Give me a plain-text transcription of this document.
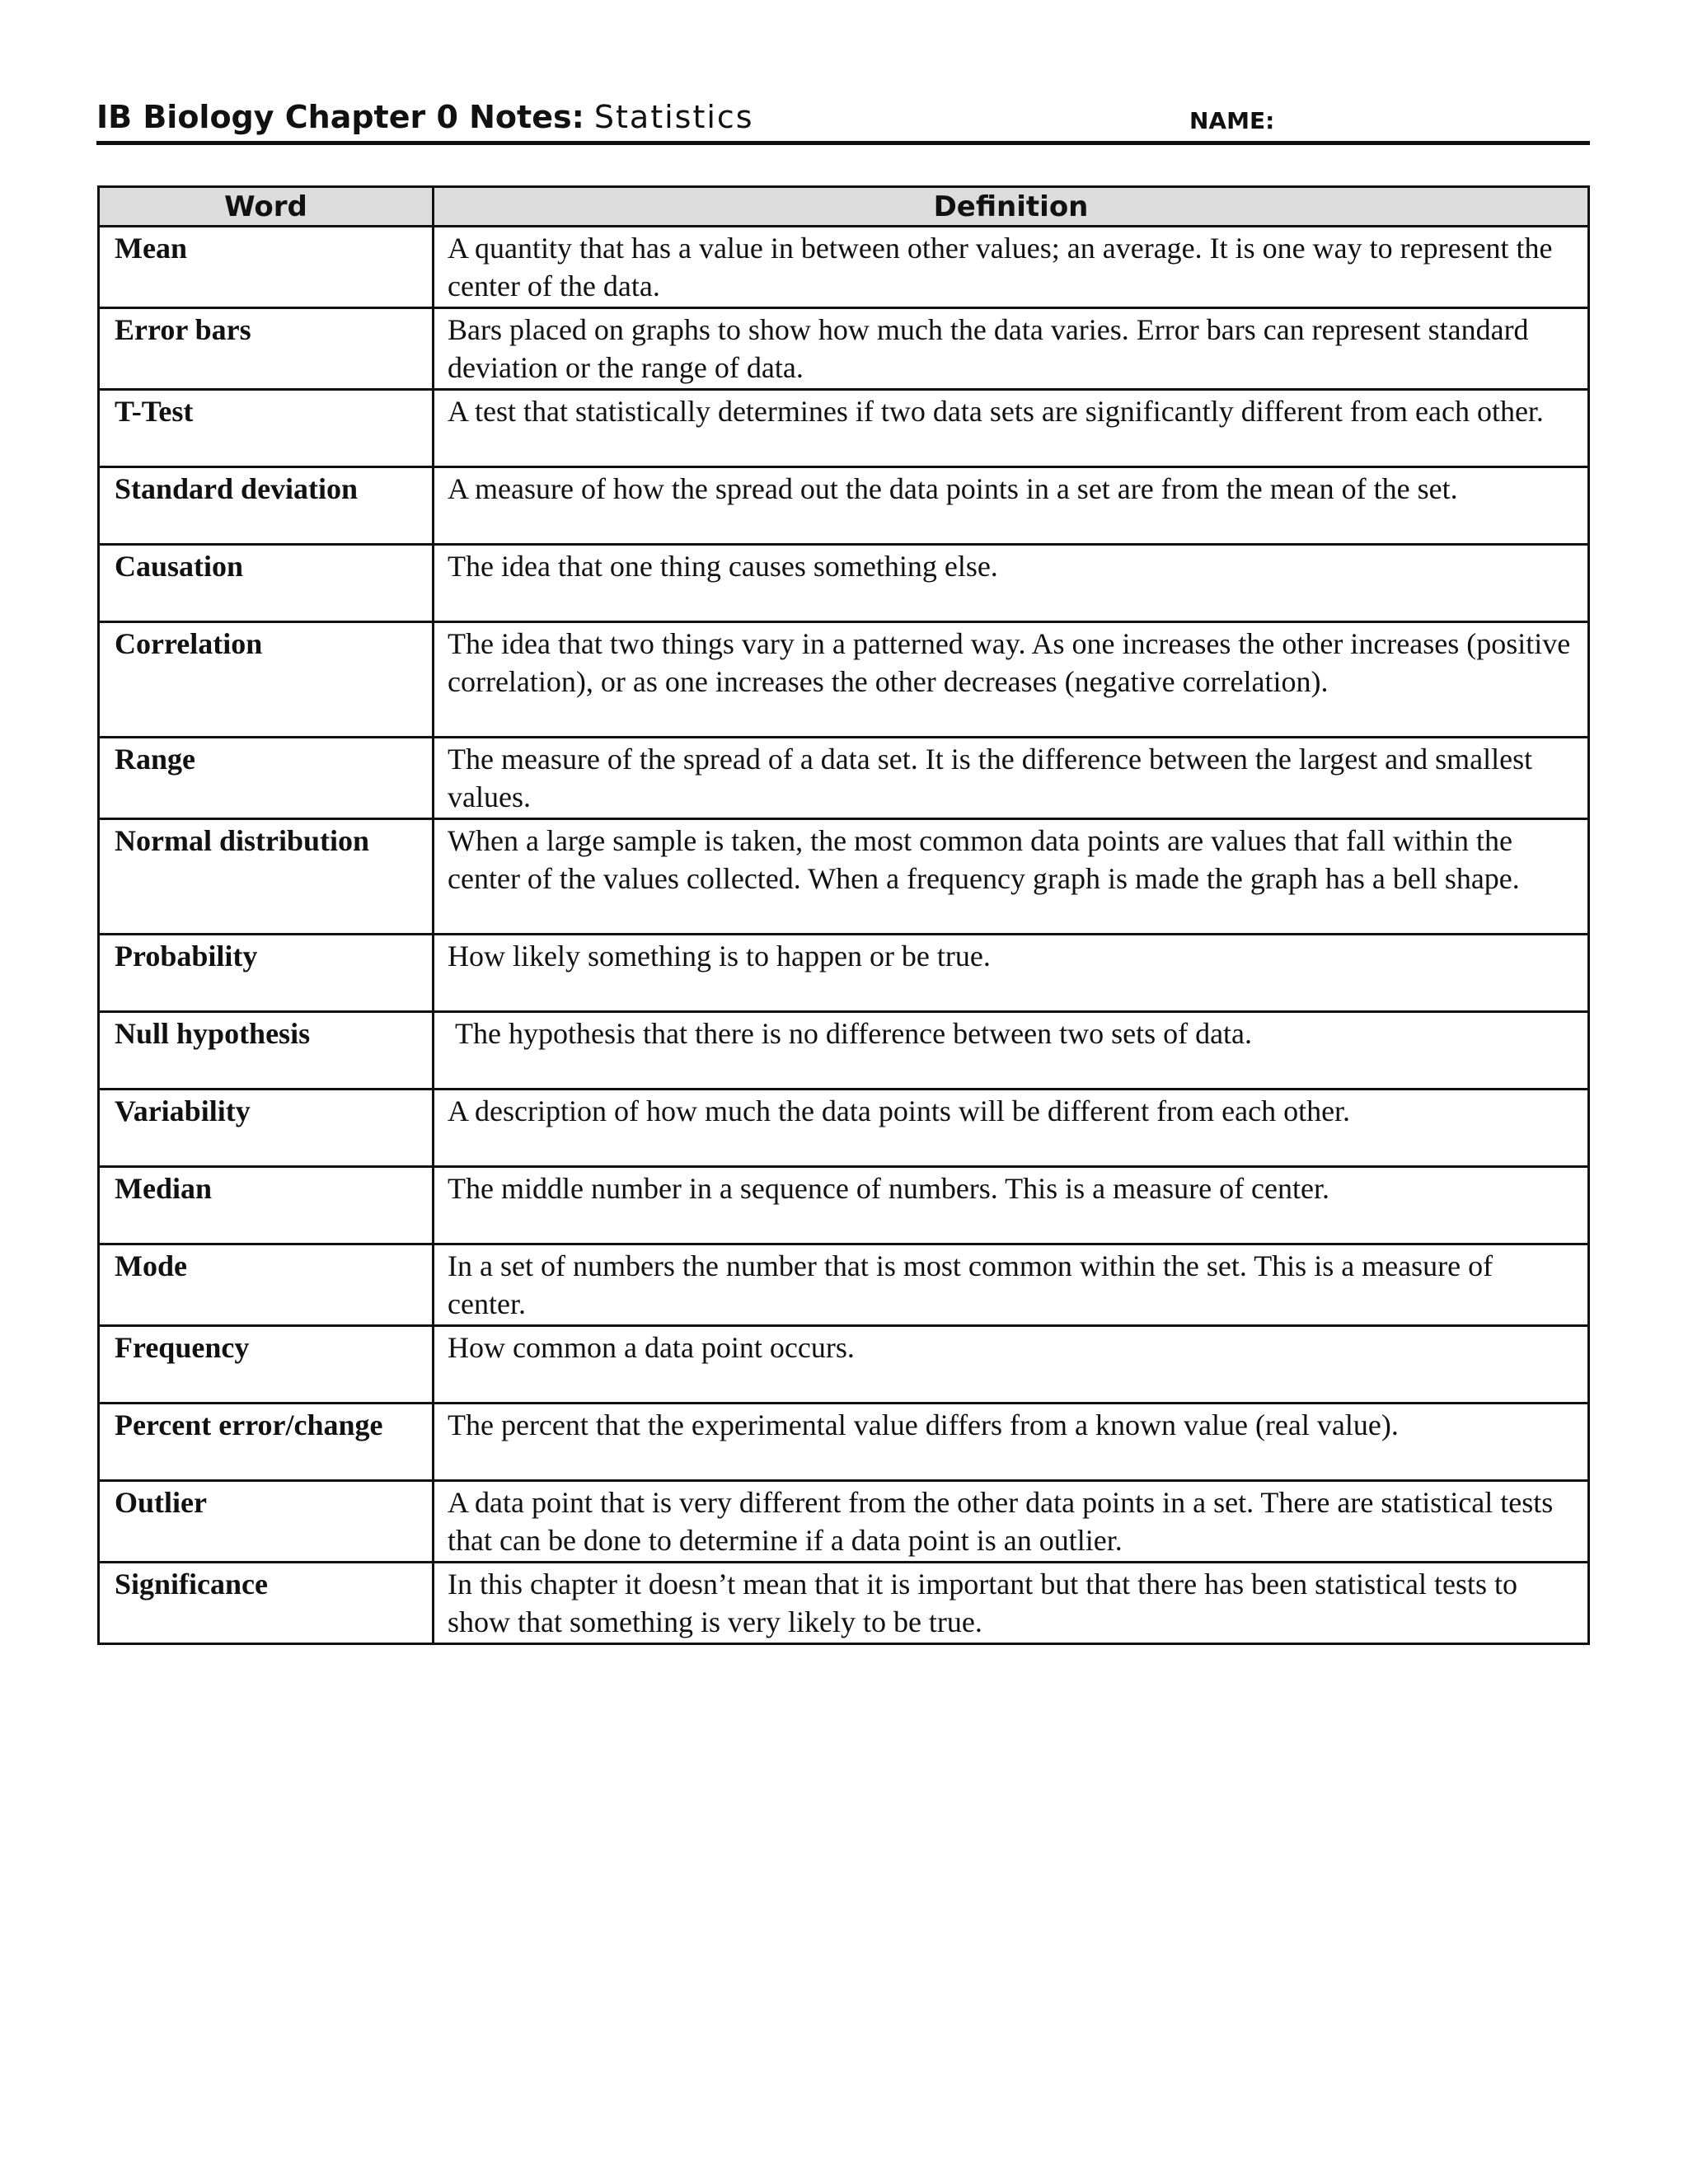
IB Biology Chapter 0 Notes: Statistics	NAME:
Word	Definition
Mean	A quantity that has a value in between other values; an average. It is one way to represent the center of the data.
Error bars	Bars placed on graphs to show how much the data varies. Error bars can represent standard deviation or the range of data.
T-Test	A test that statistically determines if two data sets are significantly different from each other.
Standard deviation	A measure of how the spread out the data points in a set are from the mean of the set.
Causation	The idea that one thing causes something else.
Correlation	The idea that two things vary in a patterned way. As one increases the other increases (positive correlation), or as one increases the other decreases (negative correlation).
Range	The measure of the spread of a data set. It is the difference between the largest and smallest values.
Normal distribution	When a large sample is taken, the most common data points are values that fall within the center of the values collected. When a frequency graph is made the graph has a bell shape.
Probability	How likely something is to happen or be true.
Null hypothesis	The hypothesis that there is no difference between two sets of data.
Variability	A description of how much the data points will be different from each other.
Median	The middle number in a sequence of numbers. This is a measure of center.
Mode	In a set of numbers the number that is most common within the set. This is a measure of center.
Frequency	How common a data point occurs.
Percent error/change	The percent that the experimental value differs from a known value (real value).
Outlier	A data point that is very different from the other data points in a set. There are statistical tests that can be done to determine if a data point is an outlier.
Significance	In this chapter it doesn’t mean that it is important but that there has been statistical tests to show that something is very likely to be true.
